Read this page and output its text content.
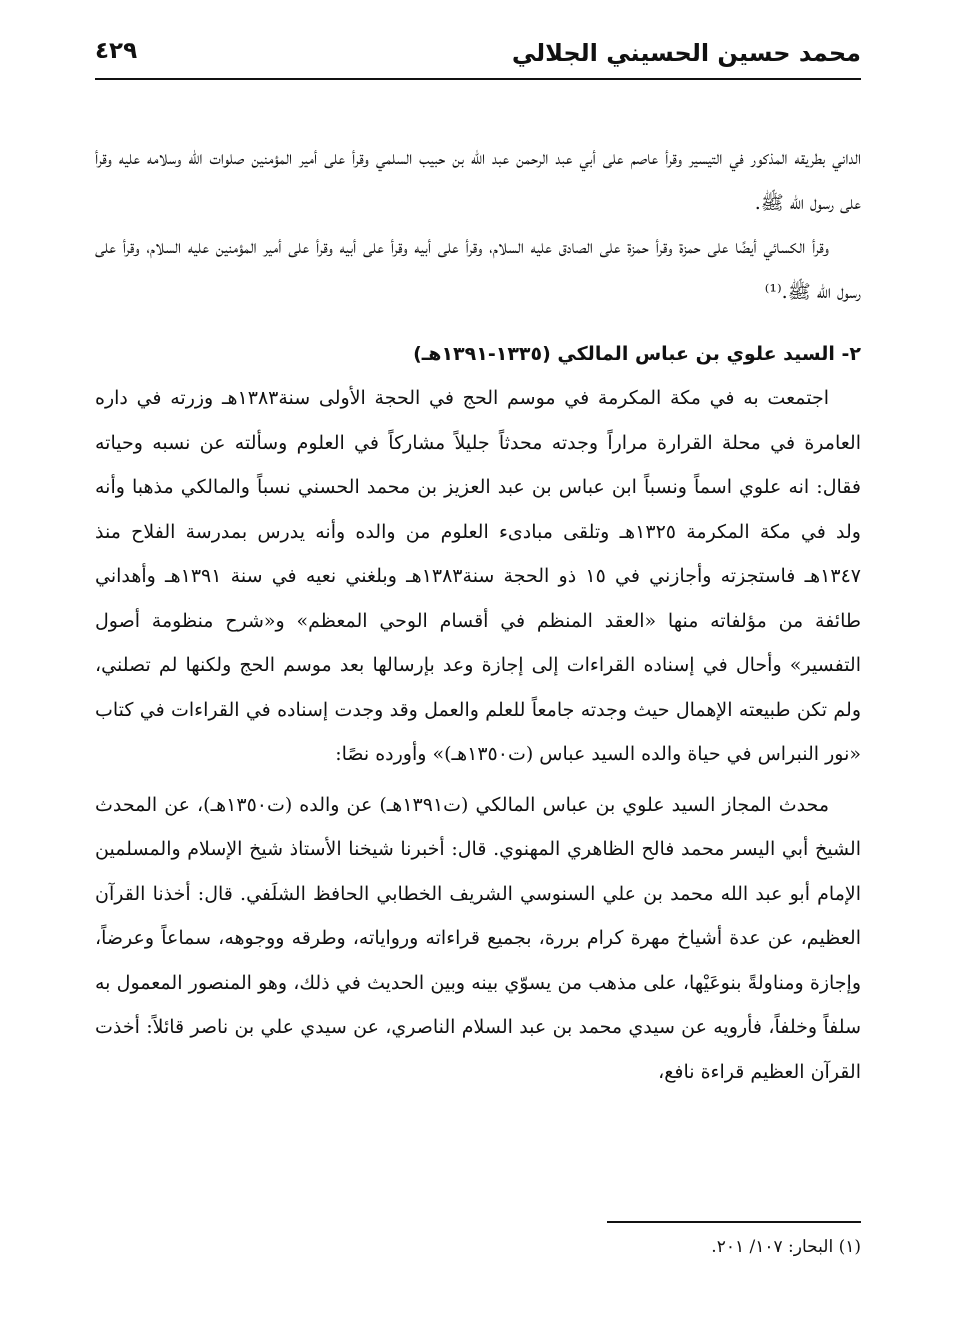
محمد حسين الحسيني الجلالي
٤٢٩

الداني بطريقه المذكور في التيسير وقرأ عاصم على أبي عبد الرحمن عبد الله بن حبيب السلمي وقرأ على أمير المؤمنين صلوات الله وسلامه عليه وقرأ على رسول الله ﷺ.

وقرأ الكسائي أيضًا على حمزة وقرأ حمزة على الصادق عليه السلام، وقرأ على أبيه وقرأ على أبيه وقرأ على أمير المؤمنين عليه السلام، وقرأ على رسول الله ﷺ.⁽¹⁾

٢- السيد علوي بن عباس المالكي (١٣٣٥-١٣٩١هـ)

اجتمعت به في مكة المكرمة في موسم الحج في الحجة الأولى سنة١٣٨٣هـ وزرته في داره العامرة في محلة القرارة مراراً وجدته محدثاً جليلاً مشاركاً في العلوم وسألته عن نسبه وحياته فقال: انه علوي اسماً ونسباً ابن عباس بن عبد العزيز بن محمد الحسني نسباً والمالكي مذهبا وأنه ولد في مكة المكرمة ١٣٢٥هـ وتلقى مبادىء العلوم من والده وأنه يدرس بمدرسة الفلاح منذ ١٣٤٧هـ فاستجزته وأجازني في ١٥ ذو الحجة سنة١٣٨٣هـ وبلغني نعيه في سنة ١٣٩١هـ وأهداني طائفة من مؤلفاته منها «العقد المنظم في أقسام الوحي المعظم» و«شرح منظومة أصول التفسير» وأحال في إسناده القراءات إلى إجازة وعد بإرسالها بعد موسم الحج ولكنها لم تصلني، ولم تكن طبيعته الإهمال حيث وجدته جامعاً للعلم والعمل وقد وجدت إسناده في القراءات في كتاب «نور النبراس في حياة والده السيد عباس (ت١٣٥٠هـ)» وأورده نصًا:

محدث المجاز السيد علوي بن عباس المالكي (ت١٣٩١هـ) عن والده (ت١٣٥٠هـ)، عن المحدث الشيخ أبي اليسر محمد فالح الظاهري المهنوي. قال: أخبرنا شيخنا الأستاذ شيخ الإسلام والمسلمين الإمام أبو عبد الله محمد بن علي السنوسي الشريف الخطابي الحافظ الشلَفي. قال: أخذنا القرآن العظيم، عن عدة أشياخ مهرة كرام بررة، بجميع قراءاته ورواياته، وطرقه ووجوهه، سماعاً وعرضاً، وإجازة ومناولةً بنوعَيْها، على مذهب من يسوّي بينه وبين الحديث في ذلك، وهو المنصور المعمول به سلفاً وخلفاً، فأرويه عن سيدي محمد بن عبد السلام الناصري، عن سيدي علي بن ناصر قائلاً: أخذت القرآن العظيم قراءة نافع،

(١) البحار: ١٠٧/ ٢٠١.
